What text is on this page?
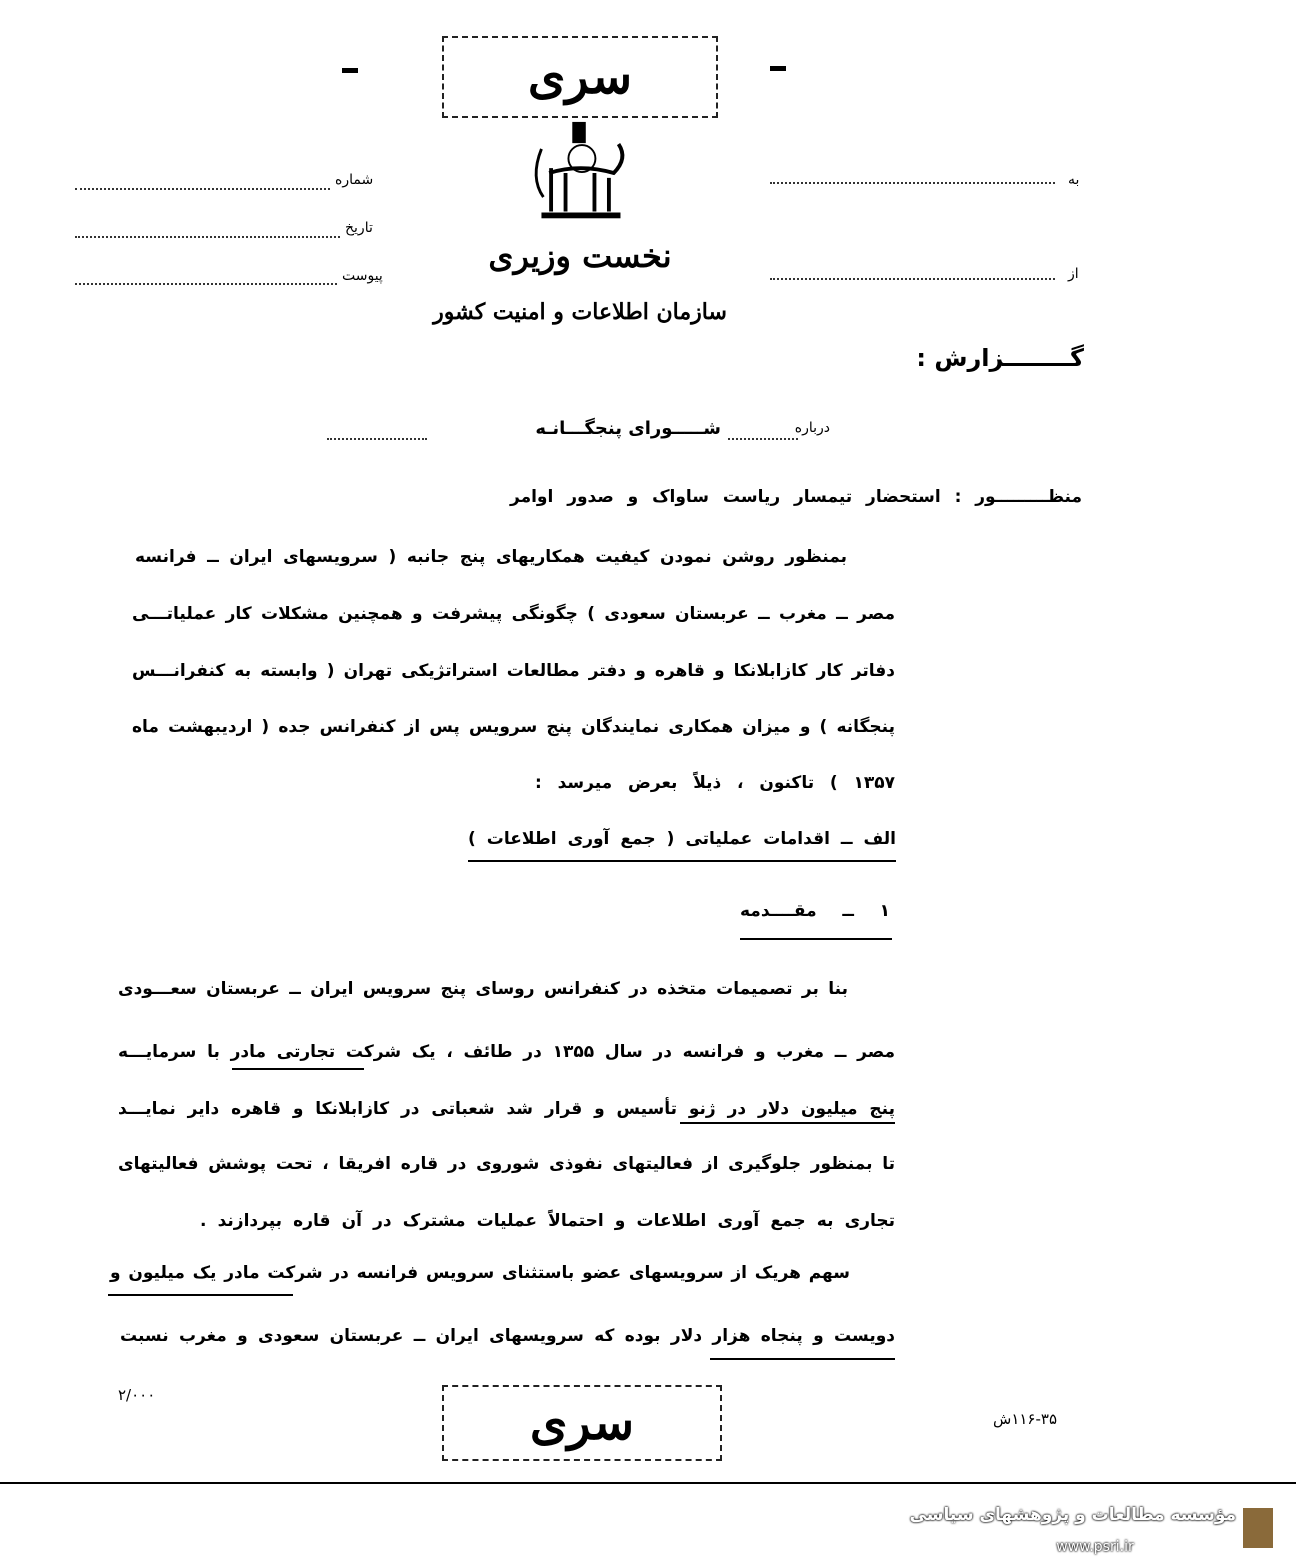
سری
نخست وزیری
سازمان اطلاعات و امنیت کشور
شماره
تاریخ
پیوست
به
از
گــــــــزارش :
درباره
شـــــورای پنجگـــانـه
منظـــــــــور : استحضار تیمسار ریاست ساواک و صدور اوامر
بمنظور روشن نمودن کیفیت همکاریهای پنج جانبه ( سرویسهای ایران ــ فرانسه
مصر ــ مغرب ــ عربستان سعودی ) چگونگی پیشرفت و همچنین مشکلات کار عملیاتـــی
دفاتر کار کازابلانکا و قاهره و دفتر مطالعات استراتژیکی تهران ( وابسته به کنفرانـــس
پنجگانه ) و میزان همکاری نمایندگان پنج سرویس پس از کنفرانس جده ( اردیبهشت ماه
۱۳۵۷ ) تاکنون ، ذیلاً بعرض میرسد :
الف ــ اقدامات عملیاتی ( جمع آوری اطلاعات )
۱ ــ مقــــدمه
بنا بر تصمیمات متخذه در کنفرانس روسای پنج سرویس ایران ــ عربستان سعـــودی
مصر ــ مغرب و فرانسه در سال ۱۳۵۵ در طائف ، یک شرکت تجارتی مادر با سرمایـــه
پنج میلیون دلار در ژنو تأسیس و قرار شد شعباتی در کازابلانکا و قاهره دایر نمایـــد
تا بمنظور جلوگیری از فعالیتهای نفوذی شوروی در قاره افریقا ، تحت پوشش فعالیتهای
تجاری به جمع آوری اطلاعات و احتمالاً عملیات مشترک در آن قاره بپردازند .
سهم هریک از سرویسهای عضو باستثنای سرویس فرانسه در شرکت مادر یک میلیون و
دویست و پنجاه هزار دلار بوده که سرویسهای ایران ــ عربستان سعودی و مغرب نسبت
۲/۰۰۰	سری	۱۱۶-۳۵ش
مؤسسه مطالعات و پژوهشهای سیاسی
www.psri.ir
